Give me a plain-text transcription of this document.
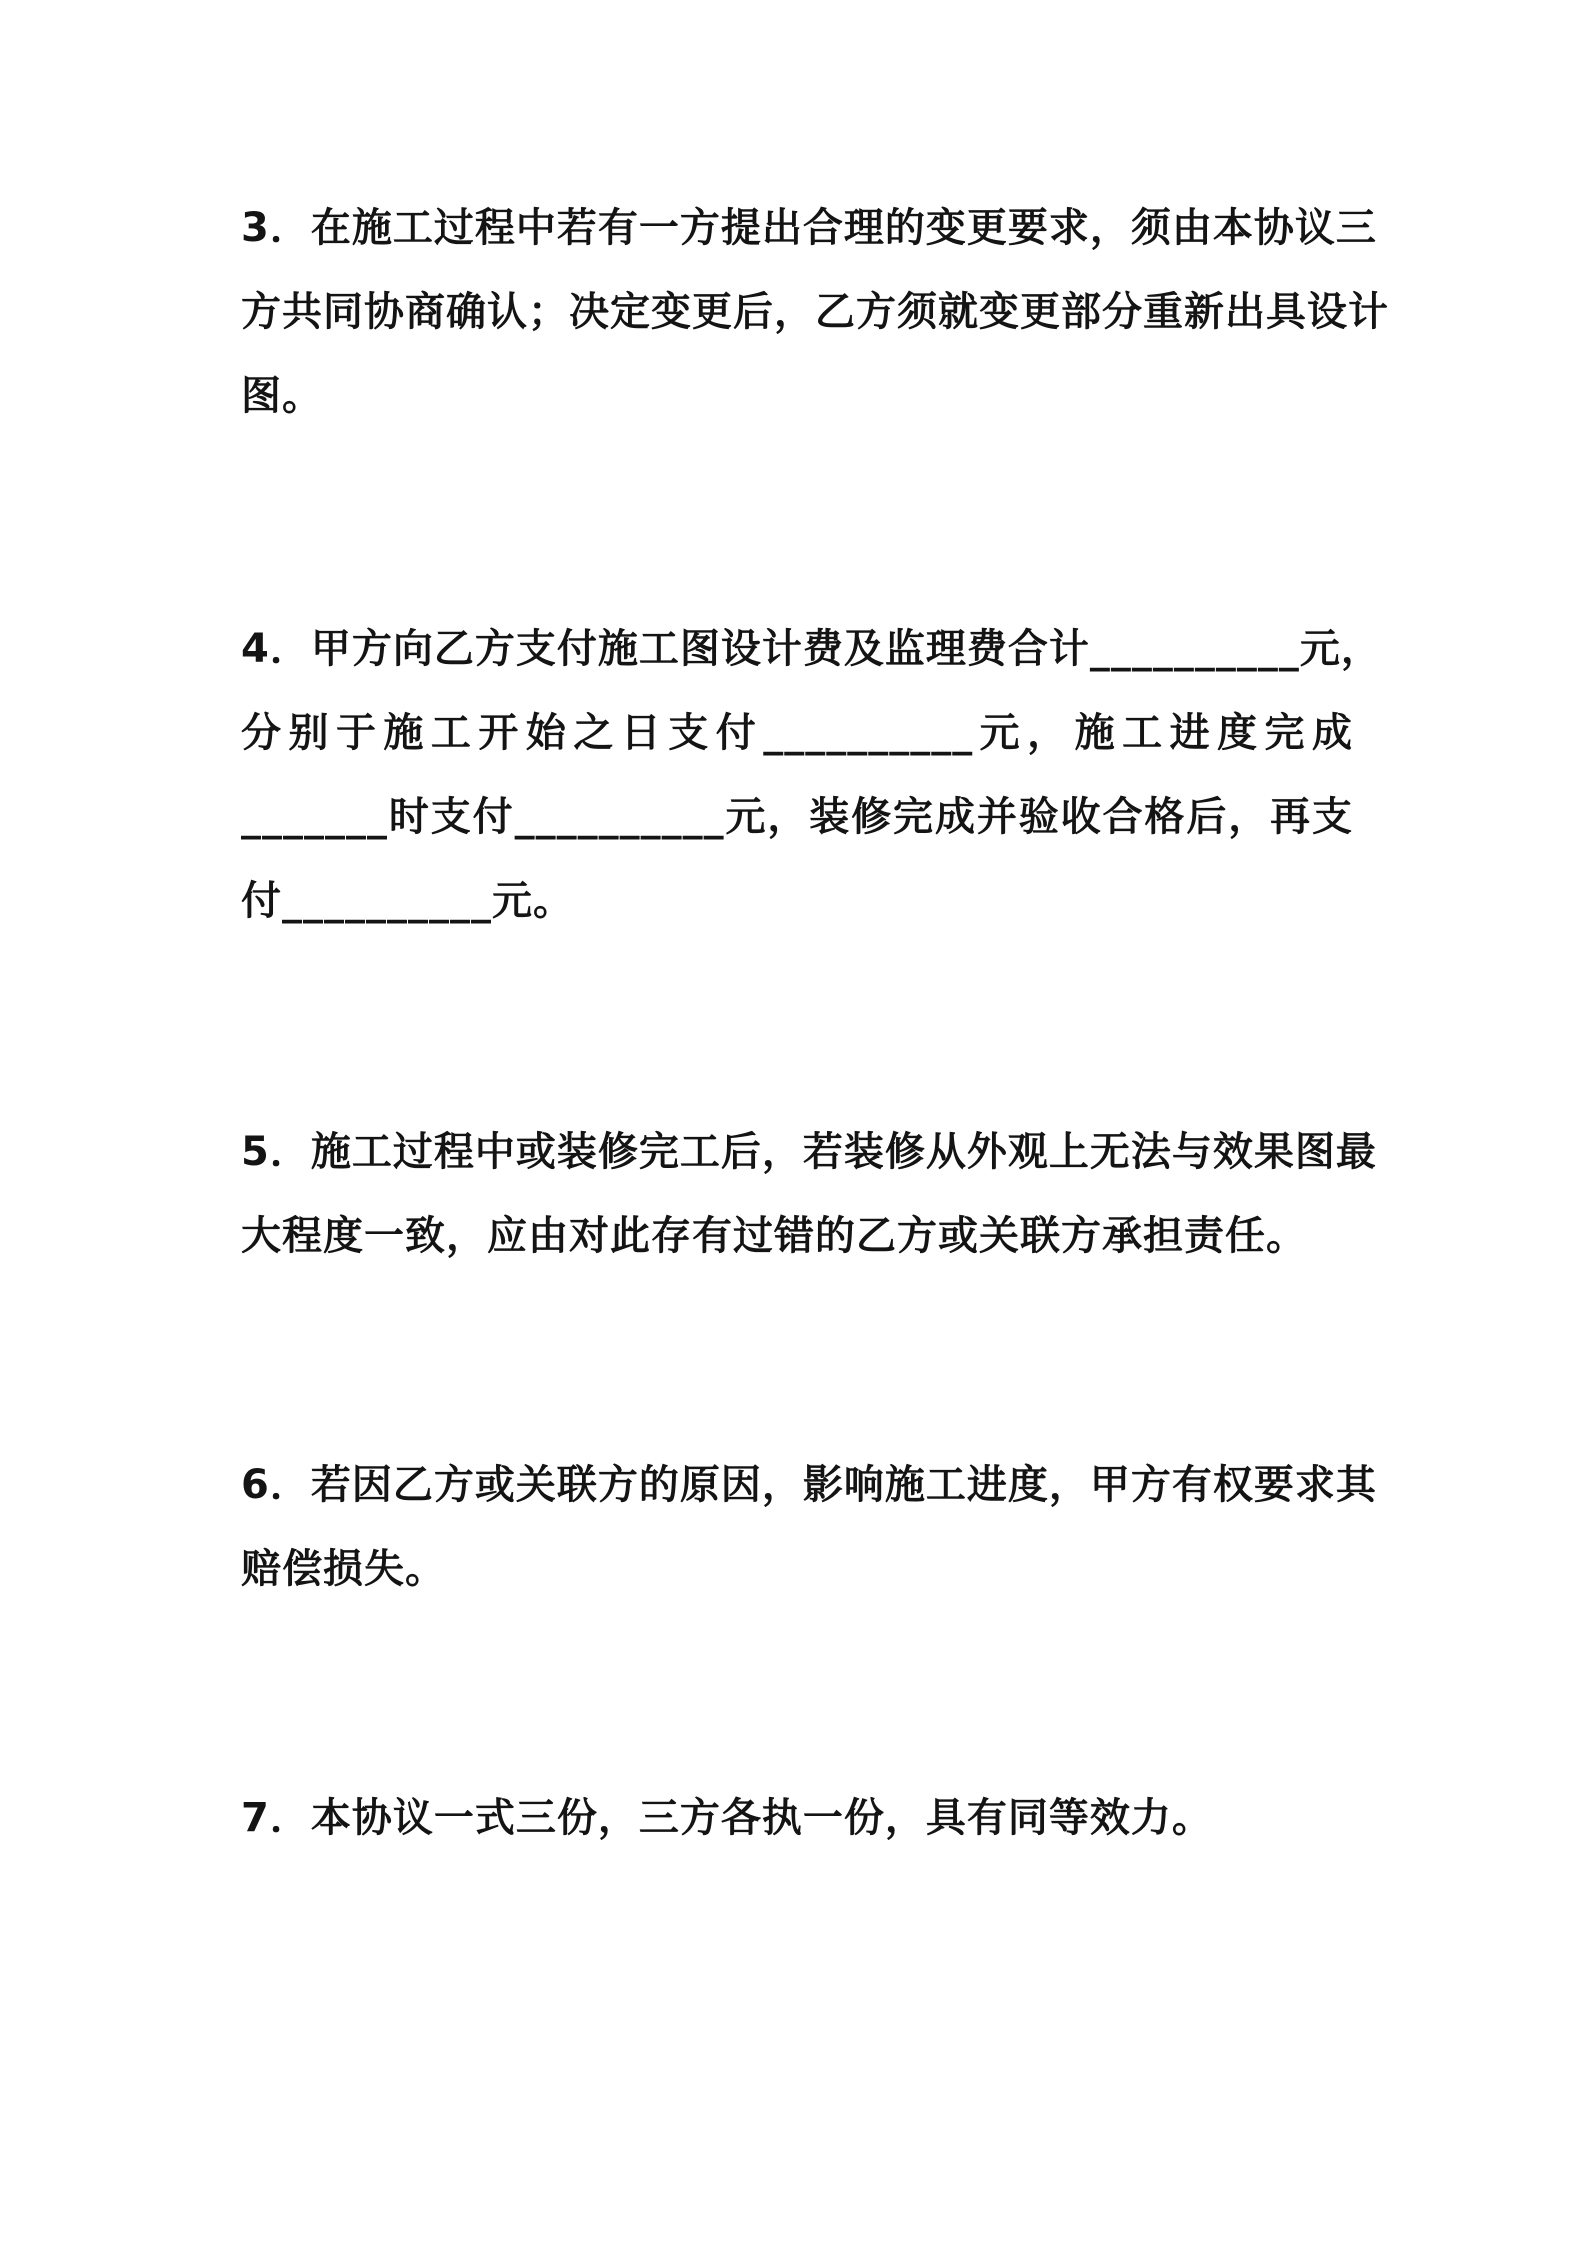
3．在施工过程中若有一方提出合理的变更要求，须由本协议三
方共同协商确认；决定变更后，乙方须就变更部分重新出具设计
图。

4．甲方向乙方支付施工图设计费及监理费合计__________元，
分别于施工开始之日支付__________元，施工进度完成
_______时支付__________元，装修完成并验收合格后，再支
付__________元。

5．施工过程中或装修完工后，若装修从外观上无法与效果图最
大程度一致，应由对此存有过错的乙方或关联方承担责任。

6．若因乙方或关联方的原因，影响施工进度，甲方有权要求其
赔偿损失。

7．本协议一式三份，三方各执一份，具有同等效力。
